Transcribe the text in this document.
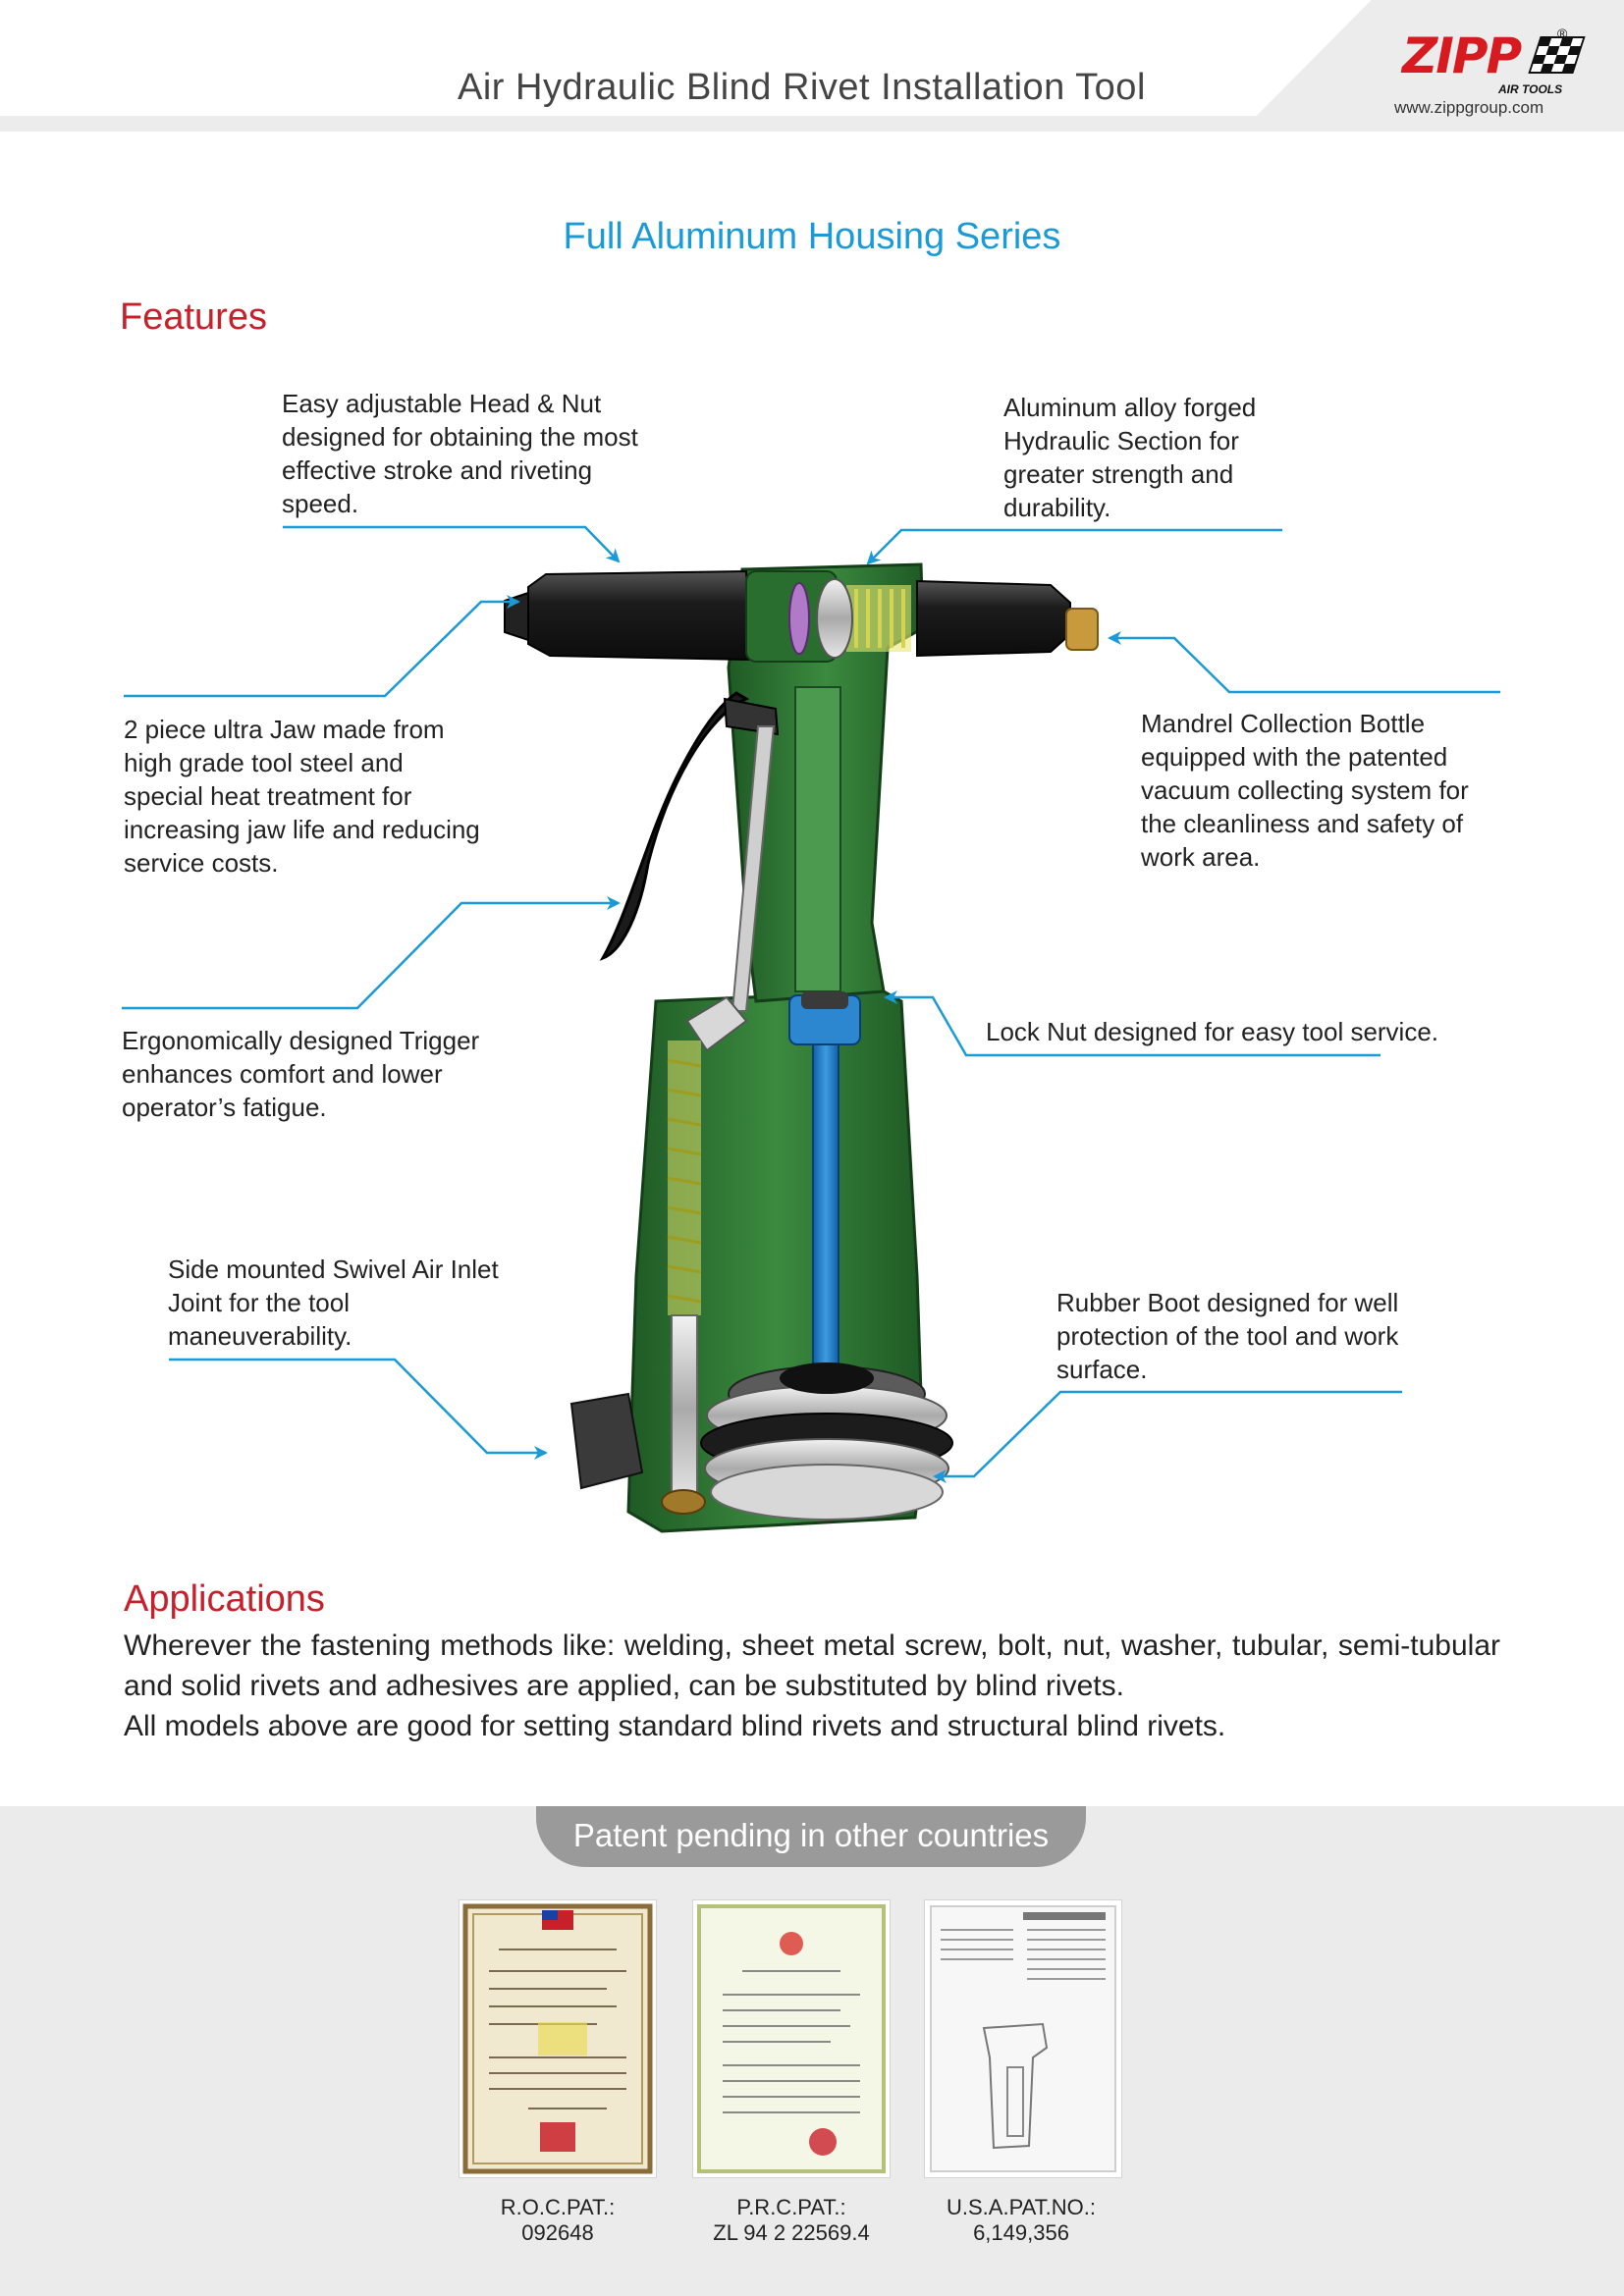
Air Hydraulic Blind Rivet Installation Tool
ZIPP
AIR TOOLS
®
www.zippgroup.com
Full Aluminum Housing Series
Features
Easy adjustable Head & Nut
designed for obtaining the most
effective stroke and riveting
speed.
Aluminum alloy forged
Hydraulic Section for
greater strength and
durability.
2 piece ultra Jaw made from
high grade tool steel and
special heat treatment for
increasing jaw life and reducing
service costs.
Mandrel Collection Bottle
equipped with the patented
vacuum collecting system for
the cleanliness and safety of
work area.
Lock Nut designed for easy tool service.
Ergonomically designed Trigger
enhances comfort and lower
operator’s fatigue.
Side mounted Swivel Air Inlet
Joint for the tool
maneuverability.
Rubber Boot designed for well
protection of the tool and work
surface.
Applications
Wherever the fastening methods like: welding, sheet metal screw, bolt, nut, washer, tubular, semi-tubular and solid rivets and adhesives are applied, can be substituted by blind rivets.
All models above are good for setting standard blind rivets and structural blind rivets.
Patent pending in other countries
R.O.C.PAT.:
092648
P.R.C.PAT.:
ZL 94 2 22569.4
U.S.A.PAT.NO.:
6,149,356
